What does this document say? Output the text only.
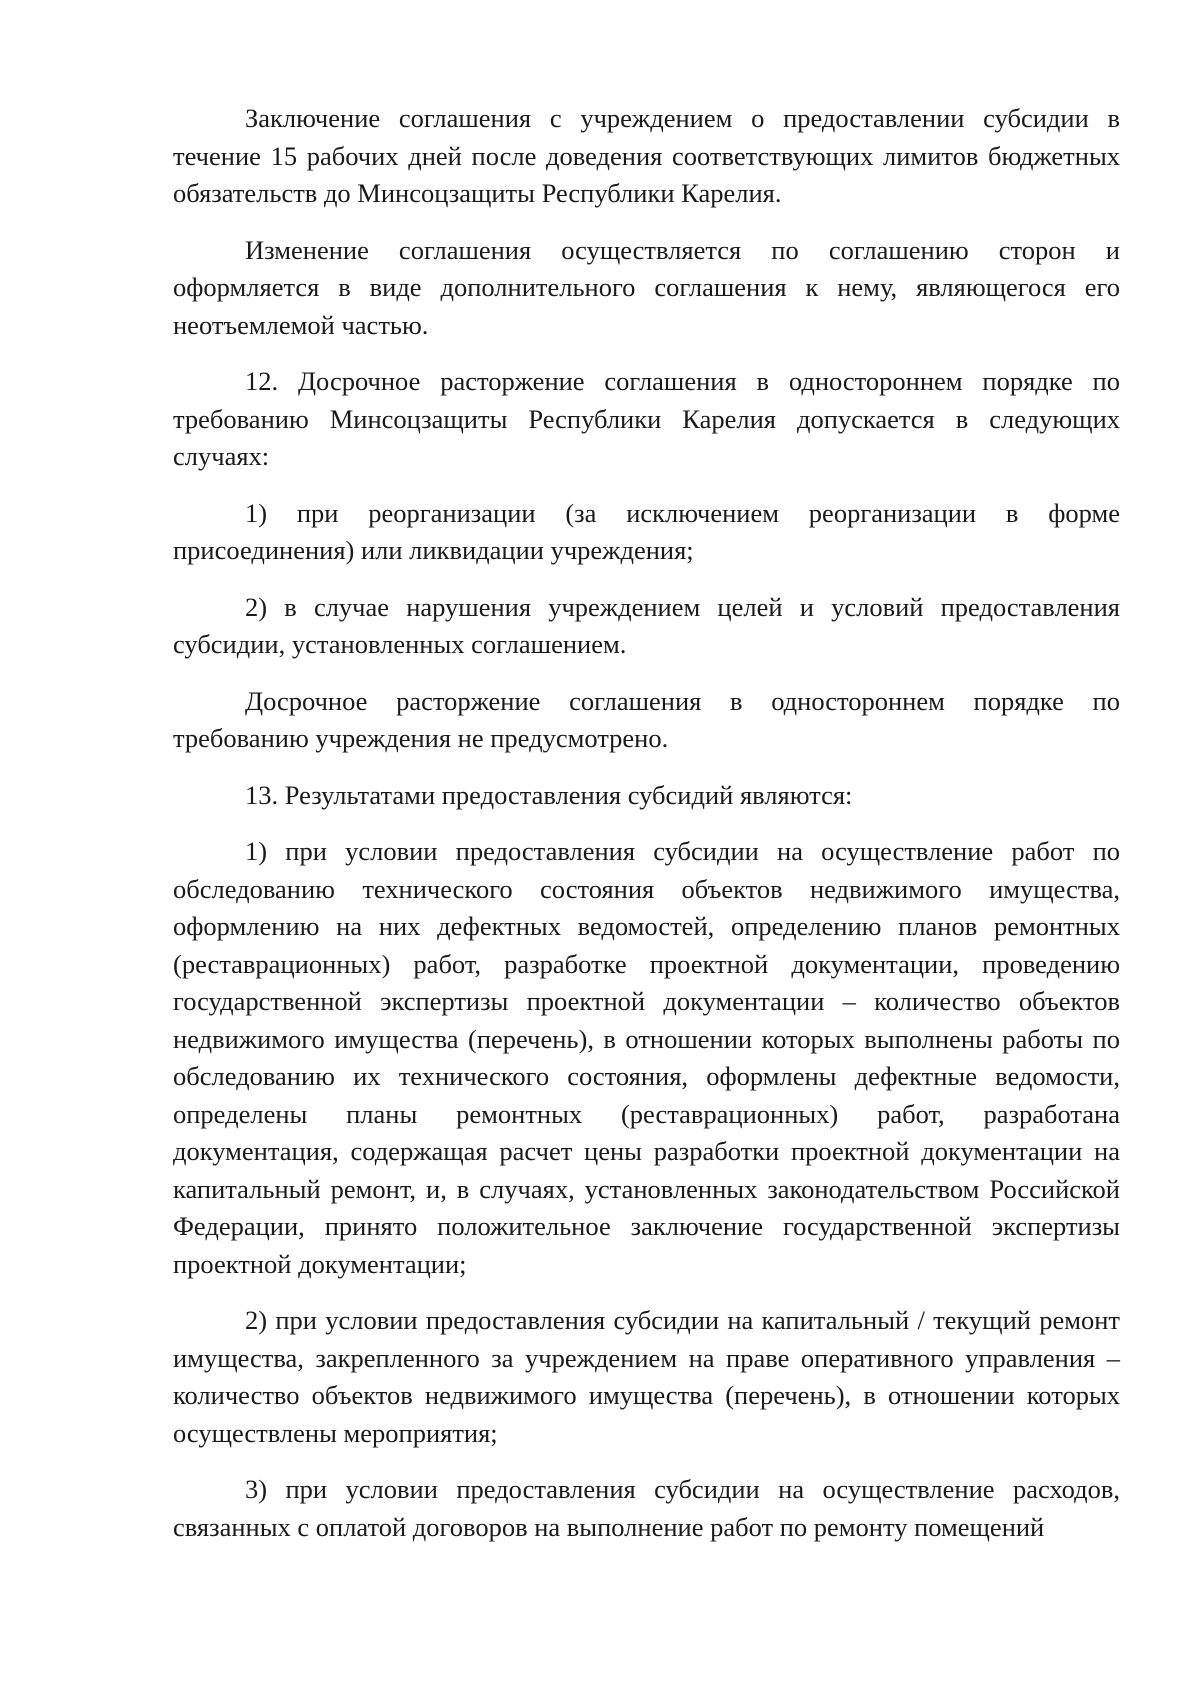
Заключение соглашения с учреждением о предоставлении субсидии в течение 15 рабочих дней после доведения соответствующих лимитов бюджетных обязательств до Минсоцзащиты Республики Карелия.

Изменение соглашения осуществляется по соглашению сторон и оформляется в виде дополнительного соглашения к нему, являющегося его неотъемлемой частью.

12. Досрочное расторжение соглашения в одностороннем порядке по требованию Минсоцзащиты Республики Карелия допускается в следующих случаях:

1) при реорганизации (за исключением реорганизации в форме присоединения) или ликвидации учреждения;

2) в случае нарушения учреждением целей и условий предоставления субсидии, установленных соглашением.

Досрочное расторжение соглашения в одностороннем порядке по требованию учреждения не предусмотрено.

13. Результатами предоставления субсидий являются:

1) при условии предоставления субсидии на осуществление работ по обследованию технического состояния объектов недвижимого имущества, оформлению на них дефектных ведомостей, определению планов ремонтных (реставрационных) работ, разработке проектной документации, проведению государственной экспертизы проектной документации – количество объектов недвижимого имущества (перечень), в отношении которых выполнены работы по обследованию их технического состояния, оформлены дефектные ведомости, определены планы ремонтных (реставрационных) работ, разработана документация, содержащая расчет цены разработки проектной документации на капитальный ремонт, и, в случаях, установленных законодательством Российской Федерации, принято положительное заключение государственной экспертизы проектной документации;

2) при условии предоставления субсидии на капитальный / текущий ремонт имущества, закрепленного за учреждением на праве оперативного управления – количество объектов недвижимого имущества (перечень), в отношении которых осуществлены мероприятия;

3) при условии предоставления субсидии на осуществление расходов, связанных с оплатой договоров на выполнение работ по ремонту помещений
